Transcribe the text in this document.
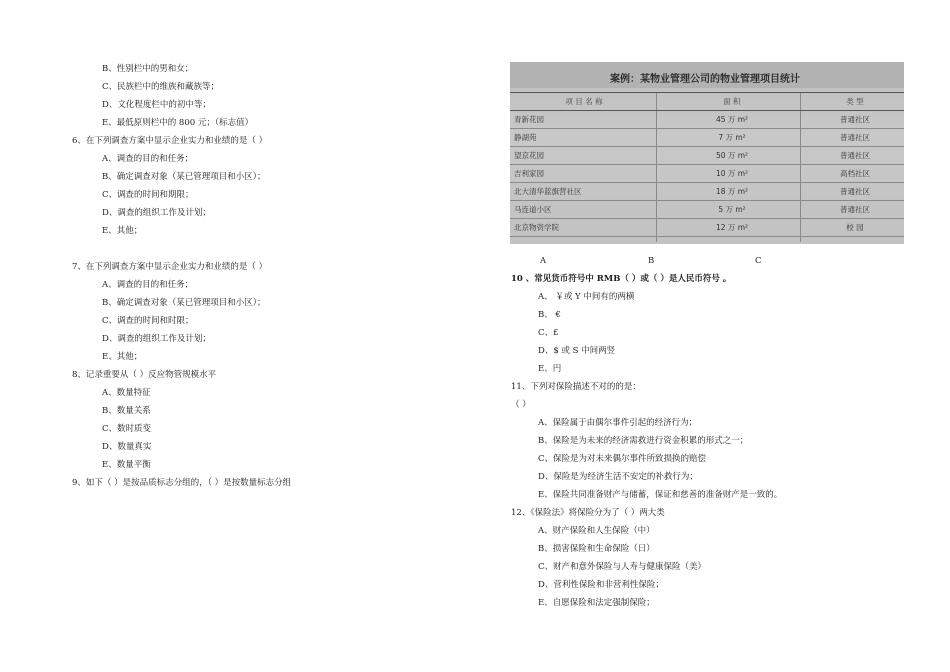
B、性别栏中的男和女；
C、民族栏中的维族和藏族等；
D、文化程度栏中的初中等；
E、最低原则栏中的 800 元；（标志值）
6、在下列调查方案中显示企业实力和业绩的是（ ）
A、调查的目的和任务；
B、确定调查对象（某已管理项目和小区）；
C、调查的时间和期限；
D、调查的组织工作及计划；
E、其他；
7、在下列调查方案中显示企业实力和业绩的是（ ）
A、调查的目的和任务；
B、确定调查对象（某已管理项目和小区）；
C、调查的时间和时限；
D、调查的组织工作及计划；
E、其他；
8、记录重要从（ ）反应物管规模水平
A、数量特征
B、数量关系
C、数时质变
D、数量真实
E、数量平衡
9、如下（ ）是按品质标志分组的，（ ）是按数量标志分组
案例：某物业管理公司的物业管理项目统计
项 目 名 称	面 积	类 型
青新花园	45 万 m²	普通社区
静湖苑	7 万 m²	普通社区
望京花园	50 万 m²	普通社区
吉利家园	10 万 m²	高档社区
北大清华蓝旗营社区	18 万 m²	普通社区
马连道小区	5 万 m²	普通社区
北京物资学院	12 万 m²	校 园
A	B	C
10 、常见货币符号中 RMB（ ）或（ ）是人民币符号 。
A、 ￥或 Y 中间有的两横
B、 €
C、£
D、$ 或 S 中间两竖
E、円
11、下列对保险描述不对的的是：
（ ）
A、保险属于由偶尔事件引起的经济行为；
B、保险是为未来的经济需救进行资金积累的形式之一；
C、保险是为对未来偶尔事件所致损换的赔偿
D、保险是为经济生活不安定的补救行为；
E、保险共同准备财产与储蓄，保证和慈善的准备财产是一致的。
12、《保险法》将保险分为了（ ）两大类
A、财产保险和人生保险（中）
B、损害保险和生命保险（日）
C、财产和意外保险与人寿与健康保险（美）
D、营利性保险和非营利性保险；
E、自愿保险和法定强制保险；
